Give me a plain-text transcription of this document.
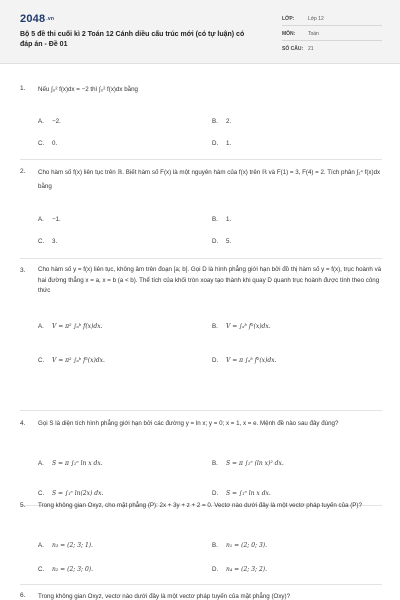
2048.vn
Bộ 5 đề thi cuối kì 2 Toán 12 Cánh diều cấu trúc mới (có tự luận) có đáp án - Đề 01
LỚP:	Lớp 12
MÔN:	Toán
SỐ CÂU: 21
1. Nếu ∫₀² f(x)dx = −2 thì ∫₀² f(x)dx bằng
A.	−2.	B.	2.
C.	0.	D.	1.
2. Cho hàm số f(x) liên tục trên ℝ. Biết hàm số F(x) là một nguyên hàm của f(x) trên ℝ và F(1) = 3, F(4) = 2. Tích phân ∫₁⁴ f(x)dx bằng
A.	−1.	B.	1.
C.	3.	D.	5.
3. Cho hàm số y = f(x) liên tục, không âm trên đoạn [a; b]. Gọi D là hình phẳng giới hạn bởi đồ thị hàm số y = f(x), trục hoành và hai đường thẳng x = a, x = b (a < b). Thể tích của khối tròn xoay tạo thành khi quay D quanh trục hoành được tính theo công thức
A.	V = π² ∫ₐᵇ f(x)dx.	B.	V = ∫ₐᵇ f²(x)dx.
C.	V = π² ∫ₐᵇ f²(x)dx.	D.	V = π ∫ₐᵇ f²(x)dx.
4. Gọi S là diện tích hình phẳng giới hạn bởi các đường y = ln x; y = 0; x = 1, x = e. Mệnh đề nào sau đây đúng?
A.	S = π ∫₁ᵉ ln x dx.	B.	S = π ∫₁ᵉ (ln x)² dx.
C.	S = ∫₁ᵉ ln(2x) dx.	D.	S = ∫₁ᵉ ln x dx.
5. Trong không gian Oxyz, cho mặt phẳng (P): 2x + 3y + z + 2 = 0. Vectơ nào dưới đây là một vectơ pháp tuyến của (P)?
A.	n₃ = (2; 3; 1).	B.	n₁ = (2; 0; 3).
C.	n₂ = (2; 3; 0).	D.	n₄ = (2; 3; 2).
6. Trong không gian Oxyz, vectơ nào dưới đây là một vectơ pháp tuyến của mặt phẳng (Oxy)?
